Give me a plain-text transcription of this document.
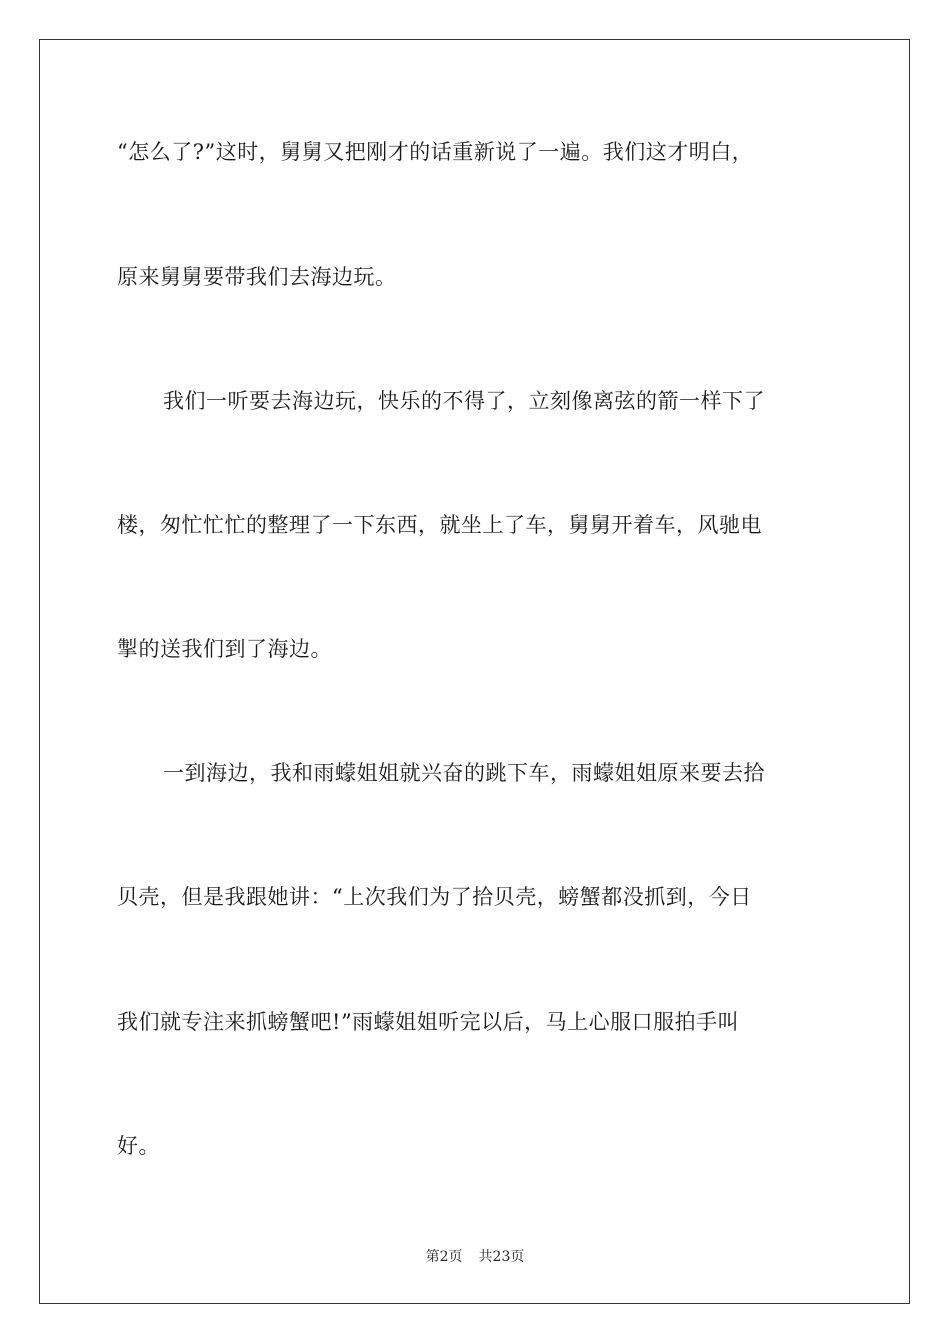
“怎么了?”这时，舅舅又把刚才的话重新说了一遍。我们这才明白，
原来舅舅要带我们去海边玩。
我们一听要去海边玩，快乐的不得了，立刻像离弦的箭一样下了
楼，匆忙忙忙的整理了一下东西，就坐上了车，舅舅开着车，风驰电
掣的送我们到了海边。
一到海边，我和雨蠓姐姐就兴奋的跳下车，雨蠓姐姐原来要去拾
贝壳，但是我跟她讲：“上次我们为了拾贝壳，螃蟹都没抓到，今日
我们就专注来抓螃蟹吧!”雨蠓姐姐听完以后，马上心服口服拍手叫
好。
第2页 共23页
